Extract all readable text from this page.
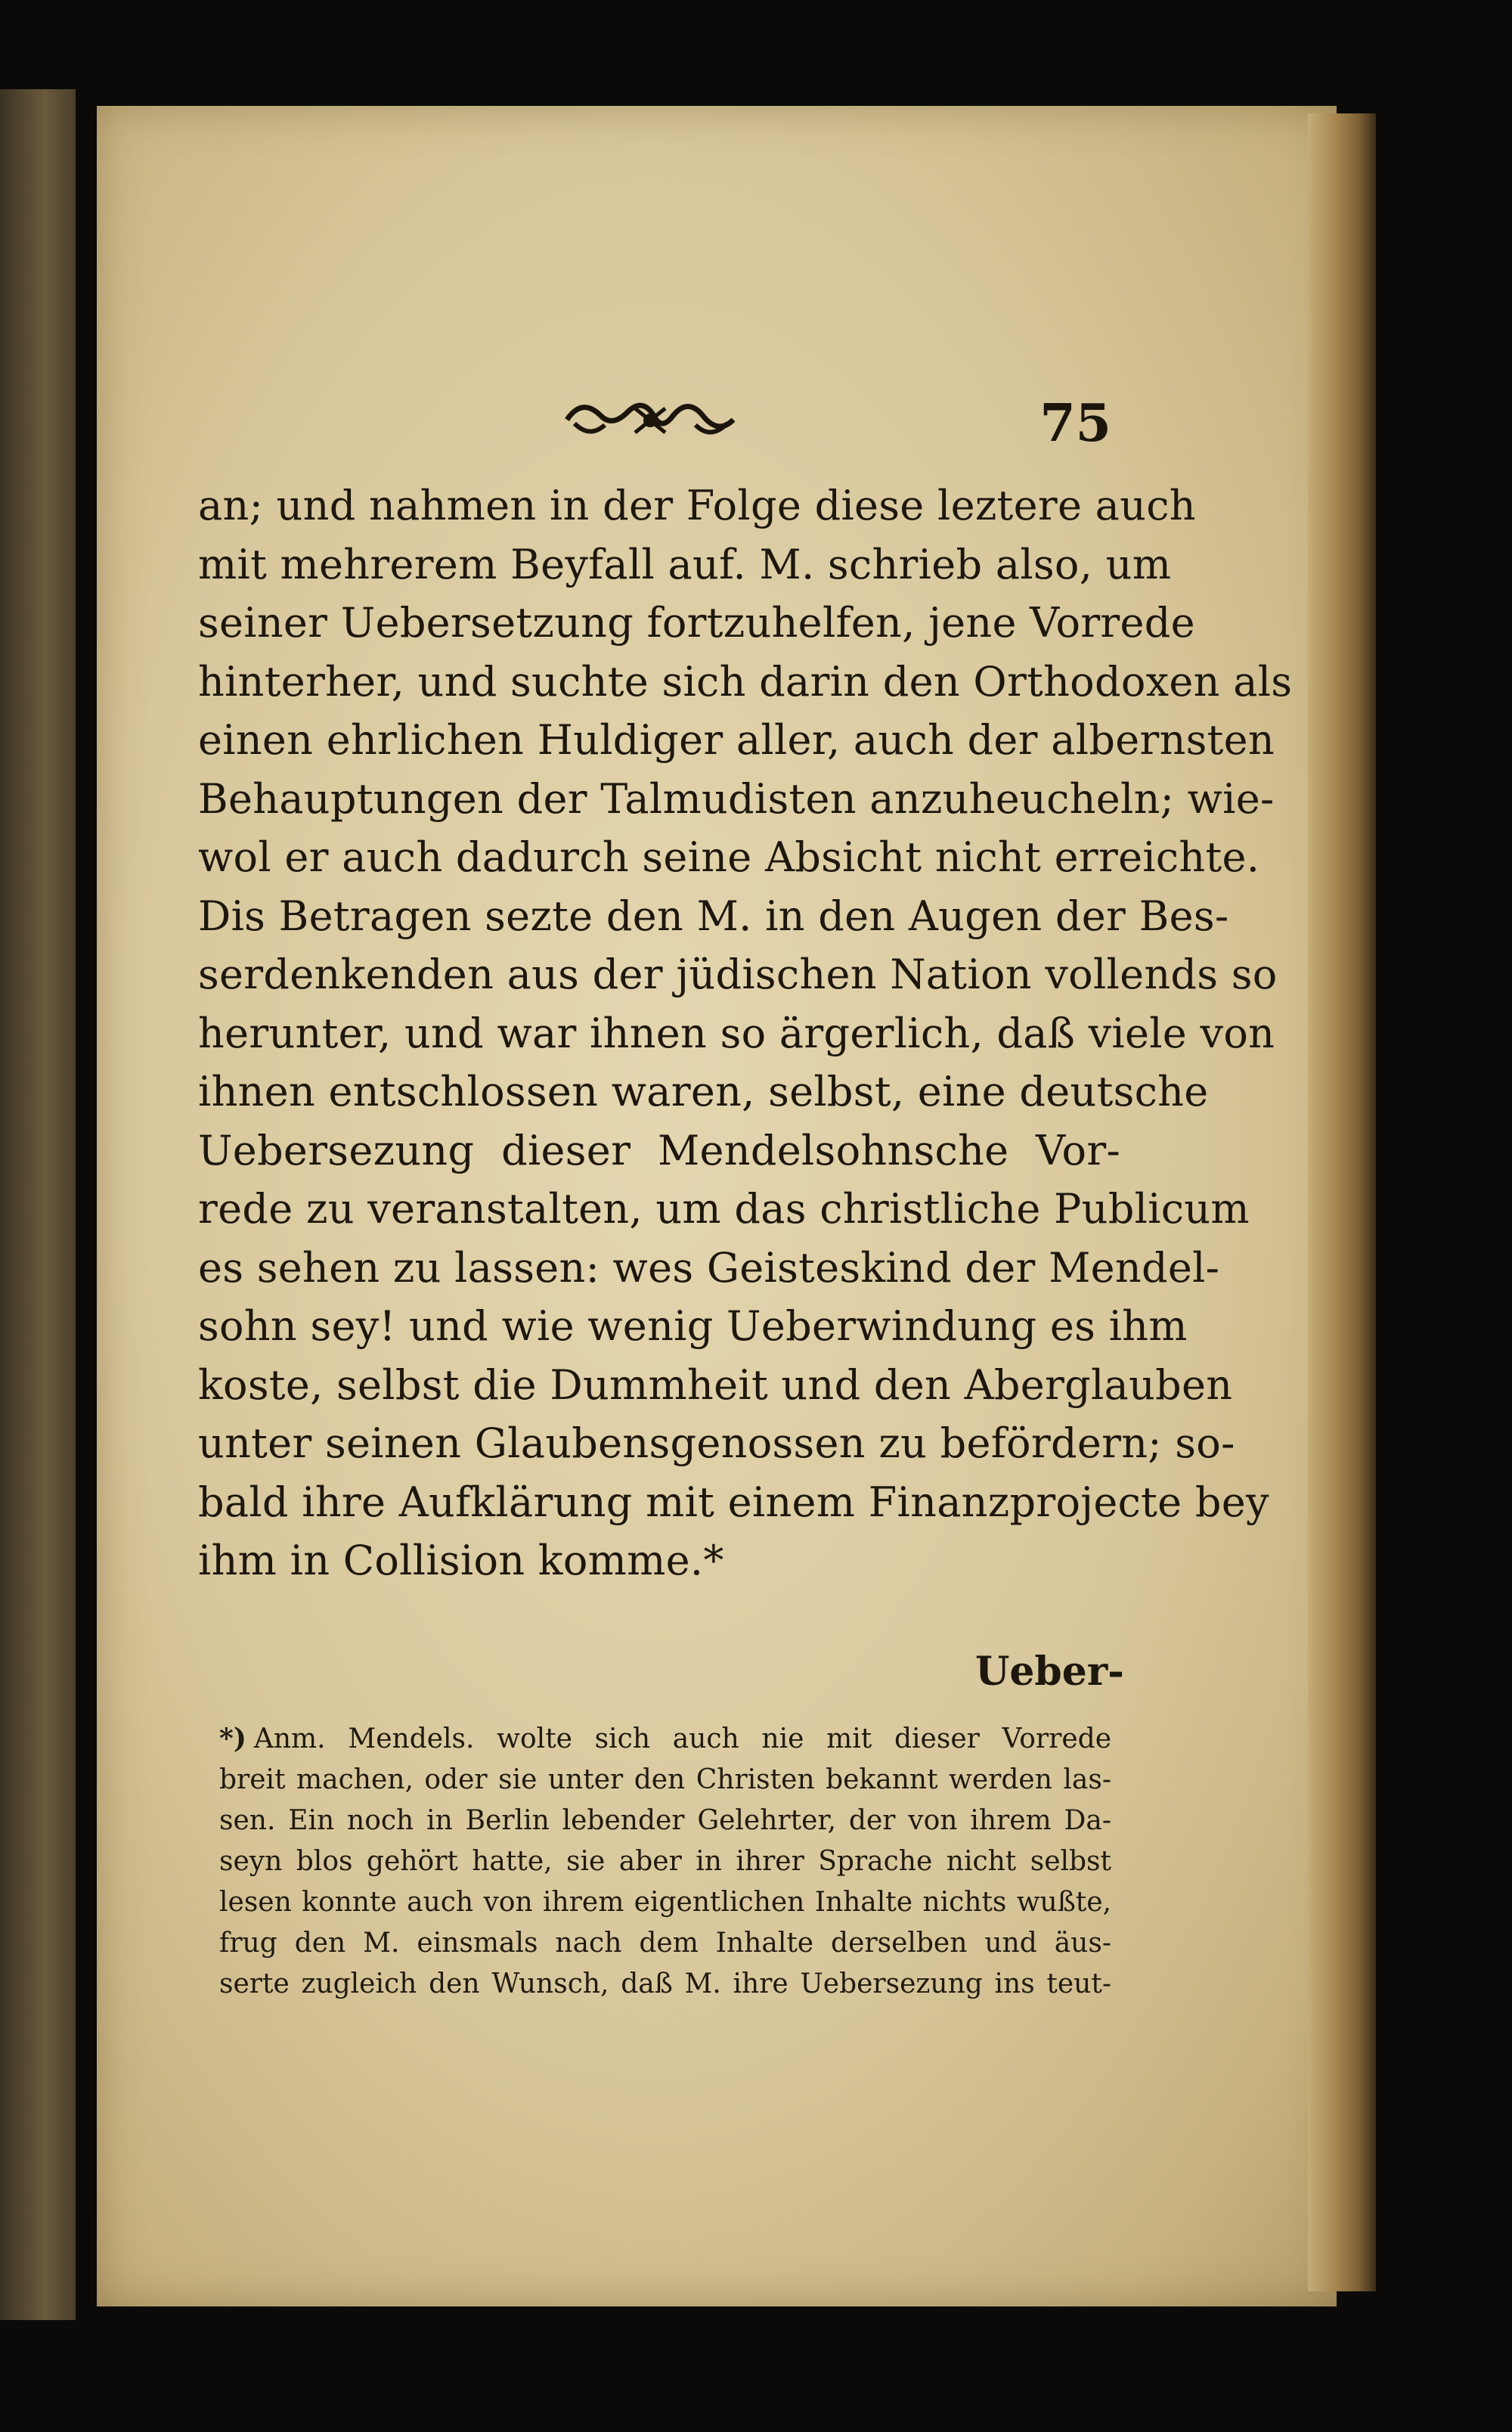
75
an; und nahmen in der Folge diese leztere auch
mit mehrerem Beyfall auf. M. schrieb also, um
seiner Uebersetzung fortzuhelfen, jene Vorrede
hinterher, und suchte sich darin den Orthodoxen als
einen ehrlichen Huldiger aller, auch der albernsten
Behauptungen der Talmudisten anzuheucheln; wie-
wol er auch dadurch seine Absicht nicht erreichte.
Dis Betragen sezte den M. in den Augen der Bes-
serdenkenden aus der jüdischen Nation vollends so
herunter, und war ihnen so ärgerlich, daß viele von
ihnen entschlossen waren, selbst, eine deutsche
Uebersezung dieser Mendelsohnsche Vor-
rede zu veranstalten, um das christliche Publicum
es sehen zu lassen: wes Geisteskind der Mendel-
sohn sey! und wie wenig Ueberwindung es ihm
koste, selbst die Dummheit und den Aberglauben
unter seinen Glaubensgenossen zu befördern; so-
bald ihre Aufklärung mit einem Finanzprojecte bey
ihm in Collision komme.*
Ueber-
*) Anm. Mendels. wolte sich auch nie mit dieser Vorrede
breit machen, oder sie unter den Christen bekannt werden las-
sen. Ein noch in Berlin lebender Gelehrter, der von ihrem Da-
seyn blos gehört hatte, sie aber in ihrer Sprache nicht selbst
lesen konnte auch von ihrem eigentlichen Inhalte nichts wußte,
frug den M. einsmals nach dem Inhalte derselben und äus-
serte zugleich den Wunsch, daß M. ihre Uebersezung ins teut-
